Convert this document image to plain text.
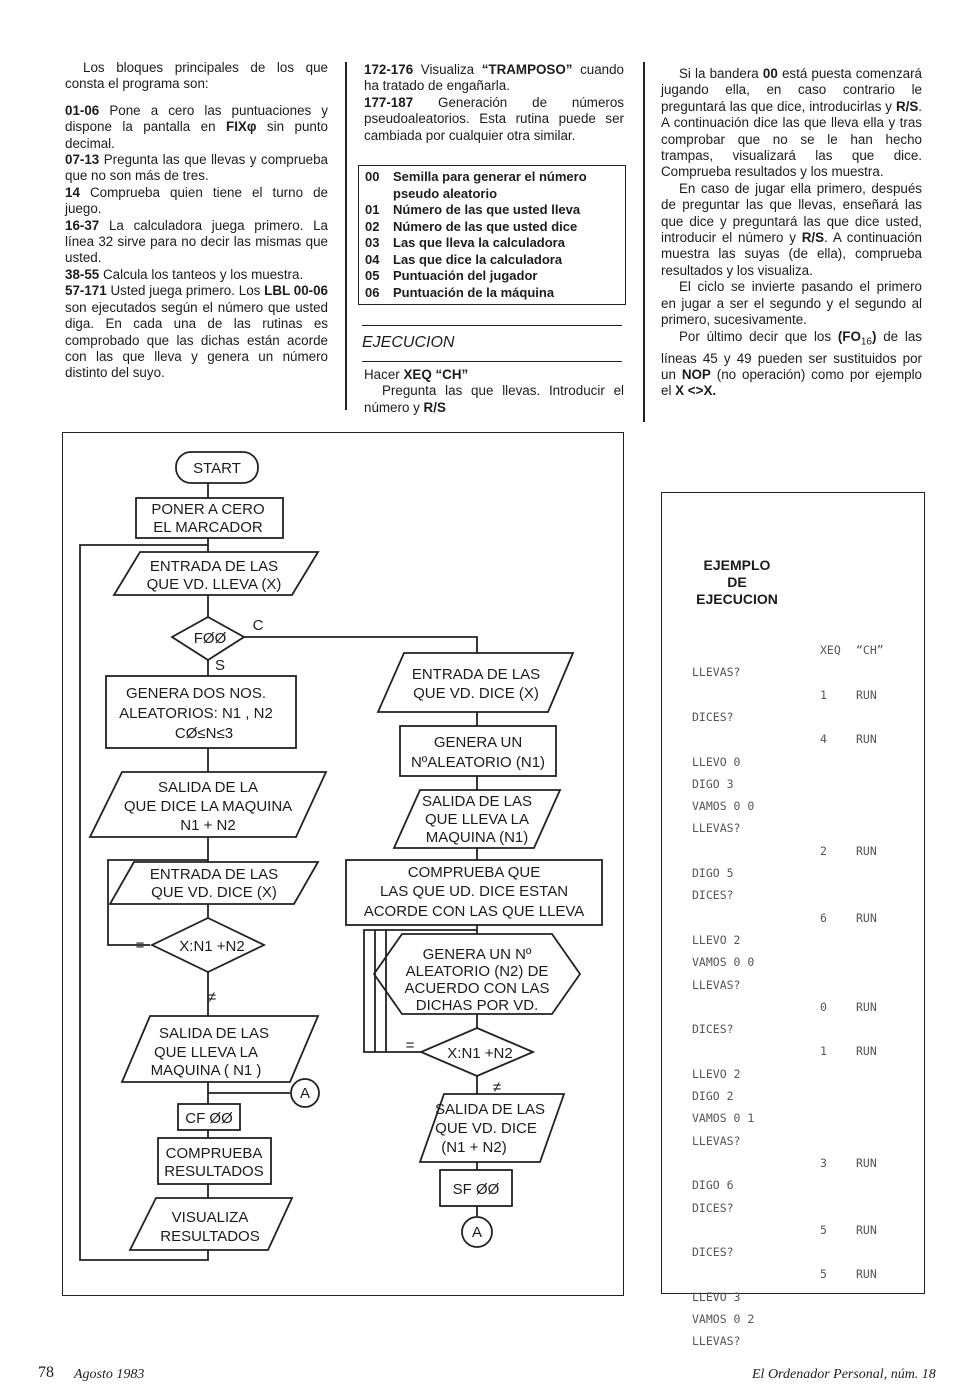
Los bloques principales de los que consta el programa son:

01-06 Pone a cero las puntuaciones y dispone la pantalla en FIXφ sin punto decimal.

07-13 Pregunta las que llevas y comprueba que no son más de tres.

14 Comprueba quien tiene el turno de juego.

16-37 La calculadora juega primero. La línea 32 sirve para no decir las mismas que usted.

38-55 Calcula los tanteos y los muestra.

57-171 Usted juega primero. Los LBL 00-06 son ejecutados según el número que usted diga. En cada una de las rutinas es comprobado que las dichas están acorde con las que lleva y genera un número distinto del suyo.

172-176 Visualiza “TRAMPOSO” cuando ha tratado de engañarla.

177-187 Generación de números pseudoaleatorios. Esta rutina puede ser cambiada por cualquier otra similar.

00	Semilla para generar el número pseudo aleatorio
01	Número de las que usted lleva
02	Número de las que usted dice
03	Las que lleva la calculadora
04	Las que dice la calculadora
05	Puntuación del jugador
06	Puntuación de la máquina
EJECUCION

Hacer XEQ “CH”

Pregunta las que llevas. Introducir el número y R/S

Si la bandera 00 está puesta comenzará jugando ella, en caso contrario le preguntará las que dice, introducirlas y R/S. A continuación dice las que lleva ella y tras comprobar que no se le han hecho trampas, visualizará las que dice. Comprueba resultados y los muestra.

En caso de jugar ella primero, después de preguntar las que llevas, enseñará las que dice y preguntará las que dice usted, introducir el número y R/S. A continuación muestra las suyas (de ella), comprueba resultados y los visualiza.

El ciclo se invierte pasando el primero en jugar a ser el segundo y el segundo al primero, sucesivamente.

Por último decir que los $(FO_{16})$ de las líneas 45 y 49 pueden ser sustituidos por un NOP (no operación) como por ejemplo el X <>X.

START
PONER A CERO
EL MARCADOR
ENTRADA DE LAS
QUE VD. LLEVA (X)
FØØ
C
S
GENERA DOS NOS.
ALEATORIOS: N1 , N2
CØ≤N≤3
SALIDA DE LA
QUE DICE LA MAQUINA
N1 + N2
ENTRADA DE LAS
QUE VD. DICE (X)
X:N1 +N2
=
≠
SALIDA DE LAS
QUE LLEVA LA
MAQUINA ( N1 )
A
CF ØØ
COMPRUEBA
RESULTADOS
VISUALIZA
RESULTADOS
ENTRADA DE LAS
QUE VD. DICE (X)
GENERA UN
NºALEATORIO (N1)
SALIDA DE LAS
QUE LLEVA LA
MAQUINA (N1)
COMPRUEBA QUE
LAS QUE UD. DICE ESTAN
ACORDE CON LAS QUE LLEVA
GENERA UN Nº
ALEATORIO (N2) DE
ACUERDO CON LAS
DICHAS POR VD.
X:N1 +N2
=
≠
SALIDA DE LAS
QUE VD. DICE
(N1 + N2)
SF ØØ
A
EJEMPLO
DE
EJECUCION
XEQ “CH”
LLEVAS?
1	RUN
DICES?
4	RUN
LLEVO 0
DIGO 3
VAMOS 0 0
LLEVAS?
2	RUN
DIGO 5
DICES?
6	RUN
LLEVO 2
VAMOS 0 0
LLEVAS?
0	RUN
DICES?
1	RUN
LLEVO 2
DIGO 2
VAMOS 0 1
LLEVAS?
3	RUN
DIGO 6
DICES?
5	RUN
DICES?
5	RUN
LLEVO 3
VAMOS 0 2
LLEVAS?
78 Agosto 1983	El Ordenador Personal, núm. 18
